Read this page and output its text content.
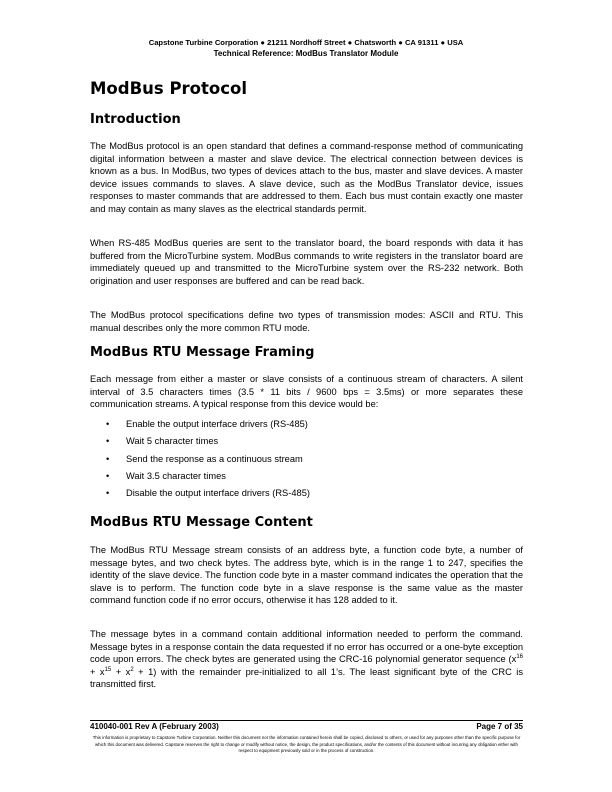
Capstone Turbine Corporation ● 21211 Nordhoff Street ● Chatsworth ● CA 91311 ● USA
Technical Reference: ModBus Translator Module
ModBus Protocol
Introduction

The ModBus protocol is an open standard that defines a command-response method of communicating digital information between a master and slave device. The electrical connection between devices is known as a bus. In ModBus, two types of devices attach to the bus, master and slave devices. A master device issues commands to slaves. A slave device, such as the ModBus Translator device, issues responses to master commands that are addressed to them. Each bus must contain exactly one master and may contain as many slaves as the electrical standards permit.

When RS-485 ModBus queries are sent to the translator board, the board responds with data it has buffered from the MicroTurbine system. ModBus commands to write registers in the translator board are immediately queued up and transmitted to the MicroTurbine system over the RS-232 network. Both origination and user responses are buffered and can be read back.

The ModBus protocol specifications define two types of transmission modes: ASCII and RTU. This manual describes only the more common RTU mode.

ModBus RTU Message Framing

Each message from either a master or slave consists of a continuous stream of characters. A silent interval of 3.5 characters times (3.5 * 11 bits / 9600 bps = 3.5ms) or more separates these communication streams. A typical response from this device would be:

• Enable the output interface drivers (RS-485)
• Wait 5 character times
• Send the response as a continuous stream
• Wait 3.5 character times
• Disable the output interface drivers (RS-485)
ModBus RTU Message Content

The ModBus RTU Message stream consists of an address byte, a function code byte, a number of message bytes, and two check bytes. The address byte, which is in the range 1 to 247, specifies the identity of the slave device. The function code byte in a master command indicates the operation that the slave is to perform. The function code byte in a slave response is the same value as the master command function code if no error occurs, otherwise it has 128 added to it.

The message bytes in a command contain additional information needed to perform the command. Message bytes in a response contain the data requested if no error has occurred or a one-byte exception code upon errors. The check bytes are generated using the CRC-16 polynomial generator sequence $(x^{16} + x^{15} + x^2 + 1)$ with the remainder pre-initialized to all 1’s. The least significant byte of the CRC is transmitted first.

410040-001 Rev A (February 2003)	Page 7 of 35
This information is proprietary to Capstone Turbine Corporation. Neither this document nor the information contained herein shall be copied, disclosed to others, or used for any purposes other than the specific purpose for which this document was delivered. Capstone reserves the right to change or modify without notice, the design, the product specifications, and/or the contents of this document without incurring any obligation either with respect to equipment previously sold or in the process of construction.
